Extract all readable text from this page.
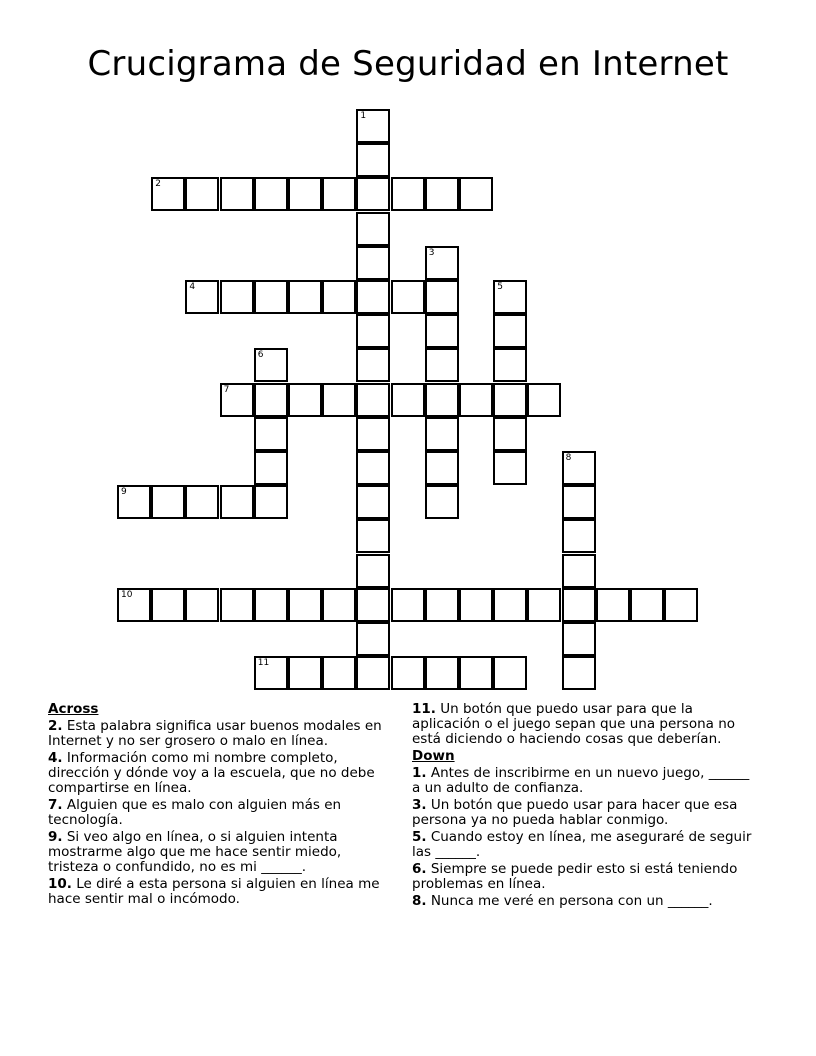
Crucigrama de Seguridad en Internet
1
2
3
4	5
6
7
8
9
10
11
Across
2. Esta palabra significa usar buenos modales en Internet y no ser grosero o malo en línea.
4. Información como mi nombre completo, dirección y dónde voy a la escuela, que no debe compartirse en línea.
7. Alguien que es malo con alguien más en tecnología.
9. Si veo algo en línea, o si alguien intenta mostrarme algo que me hace sentir miedo, tristeza o confundido, no es mi ______.
10. Le diré a esta persona si alguien en línea me hace sentir mal o incómodo.
11. Un botón que puedo usar para que la aplicación o el juego sepan que una persona no está diciendo o haciendo cosas que deberían.
Down
1. Antes de inscribirme en un nuevo juego, ______ a un adulto de confianza.
3. Un botón que puedo usar para hacer que esa persona ya no pueda hablar conmigo.
5. Cuando estoy en línea, me aseguraré de seguir las ______.
6. Siempre se puede pedir esto si está teniendo problemas en línea.
8. Nunca me veré en persona con un ______.
